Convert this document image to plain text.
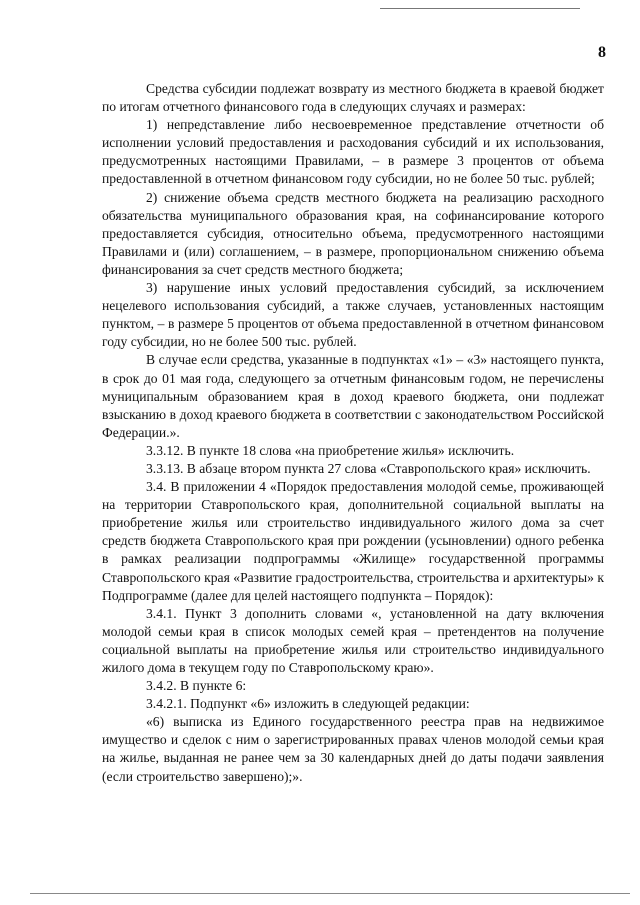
8

Средства субсидии подлежат возврату из местного бюджета в краевой бюджет по итогам отчетного финансового года в следующих случаях и размерах:

1) непредставление либо несвоевременное представление отчетности об исполнении условий предоставления и расходования субсидий и их использования, предусмотренных настоящими Правилами, – в размере 3 процентов от объема предоставленной в отчетном финансовом году субсидии, но не более 50 тыс. рублей;

2) снижение объема средств местного бюджета на реализацию расходного обязательства муниципального образования края, на софинансирование которого предоставляется субсидия, относительно объема, предусмотренного настоящими Правилами и (или) соглашением, – в размере, пропорциональном снижению объема финансирования за счет средств местного бюджета;

3) нарушение иных условий предоставления субсидий, за исключением нецелевого использования субсидий, а также случаев, установленных настоящим пунктом, – в размере 5 процентов от объема предоставленной в отчетном финансовом году субсидии, но не более 500 тыс. рублей.

В случае если средства, указанные в подпунктах «1» – «3» настоящего пункта, в срок до 01 мая года, следующего за отчетным финансовым годом, не перечислены муниципальным образованием края в доход краевого бюджета, они подлежат взысканию в доход краевого бюджета в соответствии с законодательством Российской Федерации.».

3.3.12. В пункте 18 слова «на приобретение жилья» исключить.

3.3.13. В абзаце втором пункта 27 слова «Ставропольского края» исключить.

3.4. В приложении 4 «Порядок предоставления молодой семье, проживающей на территории Ставропольского края, дополнительной социальной выплаты на приобретение жилья или строительство индивидуального жилого дома за счет средств бюджета Ставропольского края при рождении (усыновлении) одного ребенка в рамках реализации подпрограммы «Жилище» государственной программы Ставропольского края «Развитие градостроительства, строительства и архитектуры» к Подпрограмме (далее для целей настоящего подпункта – Порядок):

3.4.1. Пункт 3 дополнить словами «, установленной на дату включения молодой семьи края в список молодых семей края – претендентов на получение социальной выплаты на приобретение жилья или строительство индивидуального жилого дома в текущем году по Ставропольскому краю».

3.4.2. В пункте 6:

3.4.2.1. Подпункт «6» изложить в следующей редакции:

«6) выписка из Единого государственного реестра прав на недвижимое имущество и сделок с ним о зарегистрированных правах членов молодой семьи края на жилье, выданная не ранее чем за 30 календарных дней до даты подачи заявления (если строительство завершено);».
